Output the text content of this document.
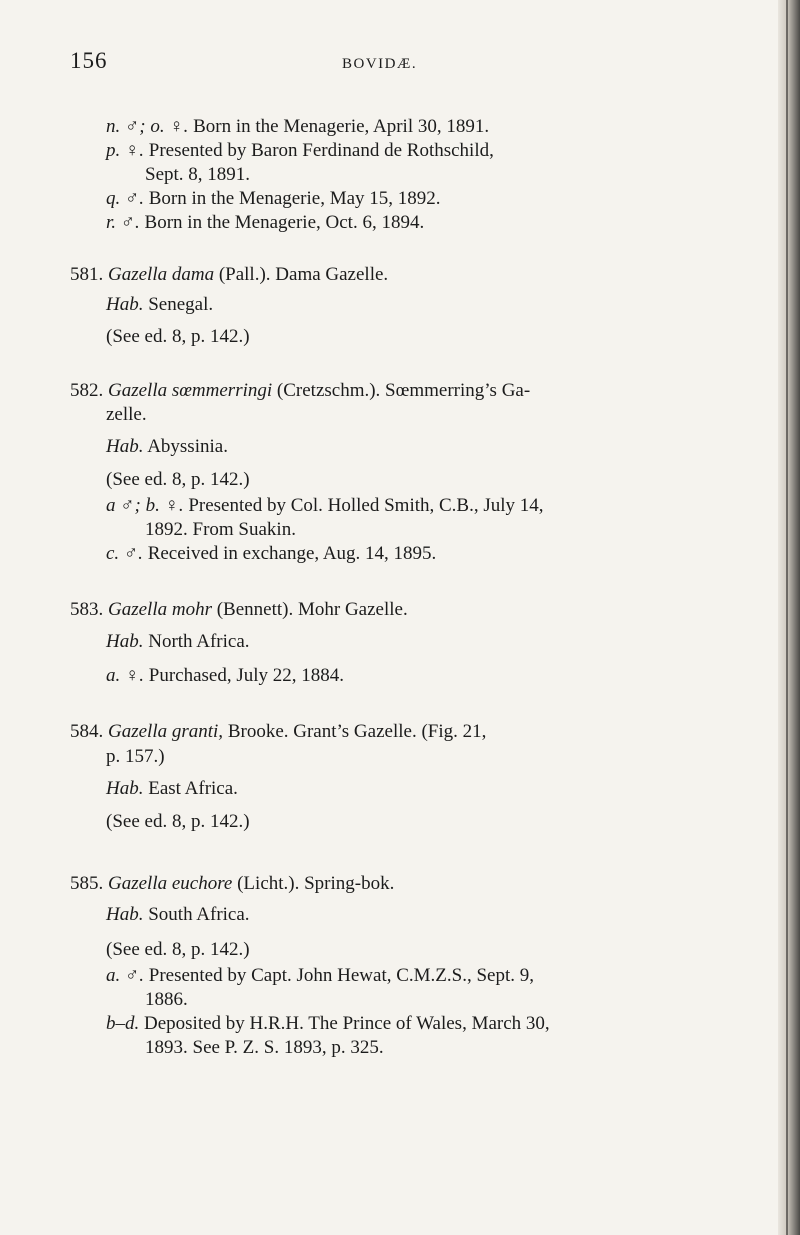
156	BOVIDÆ.
n. ♂; o. ♀. Born in the Menagerie, April 30, 1891.
p. ♀. Presented by Baron Ferdinand de Rothschild,
Sept. 8, 1891.
q. ♂. Born in the Menagerie, May 15, 1892.
r. ♂. Born in the Menagerie, Oct. 6, 1894.
581. Gazella dama (Pall.). Dama Gazelle.
Hab. Senegal.
(See ed. 8, p. 142.)
582. Gazella sœmmerringi (Cretzschm.). Sœmmerring’s Ga-
zelle.
Hab. Abyssinia.
(See ed. 8, p. 142.)
a ♂; b. ♀. Presented by Col. Holled Smith, C.B., July 14,
1892. From Suakin.
c. ♂. Received in exchange, Aug. 14, 1895.
583. Gazella mohr (Bennett). Mohr Gazelle.
Hab. North Africa.
a. ♀. Purchased, July 22, 1884.
584. Gazella granti, Brooke. Grant’s Gazelle. (Fig. 21,
p. 157.)
Hab. East Africa.
(See ed. 8, p. 142.)
585. Gazella euchore (Licht.). Spring-bok.
Hab. South Africa.
(See ed. 8, p. 142.)
a. ♂. Presented by Capt. John Hewat, C.M.Z.S., Sept. 9,
1886.
b–d. Deposited by H.R.H. The Prince of Wales, March 30,
1893. See P. Z. S. 1893, p. 325.
